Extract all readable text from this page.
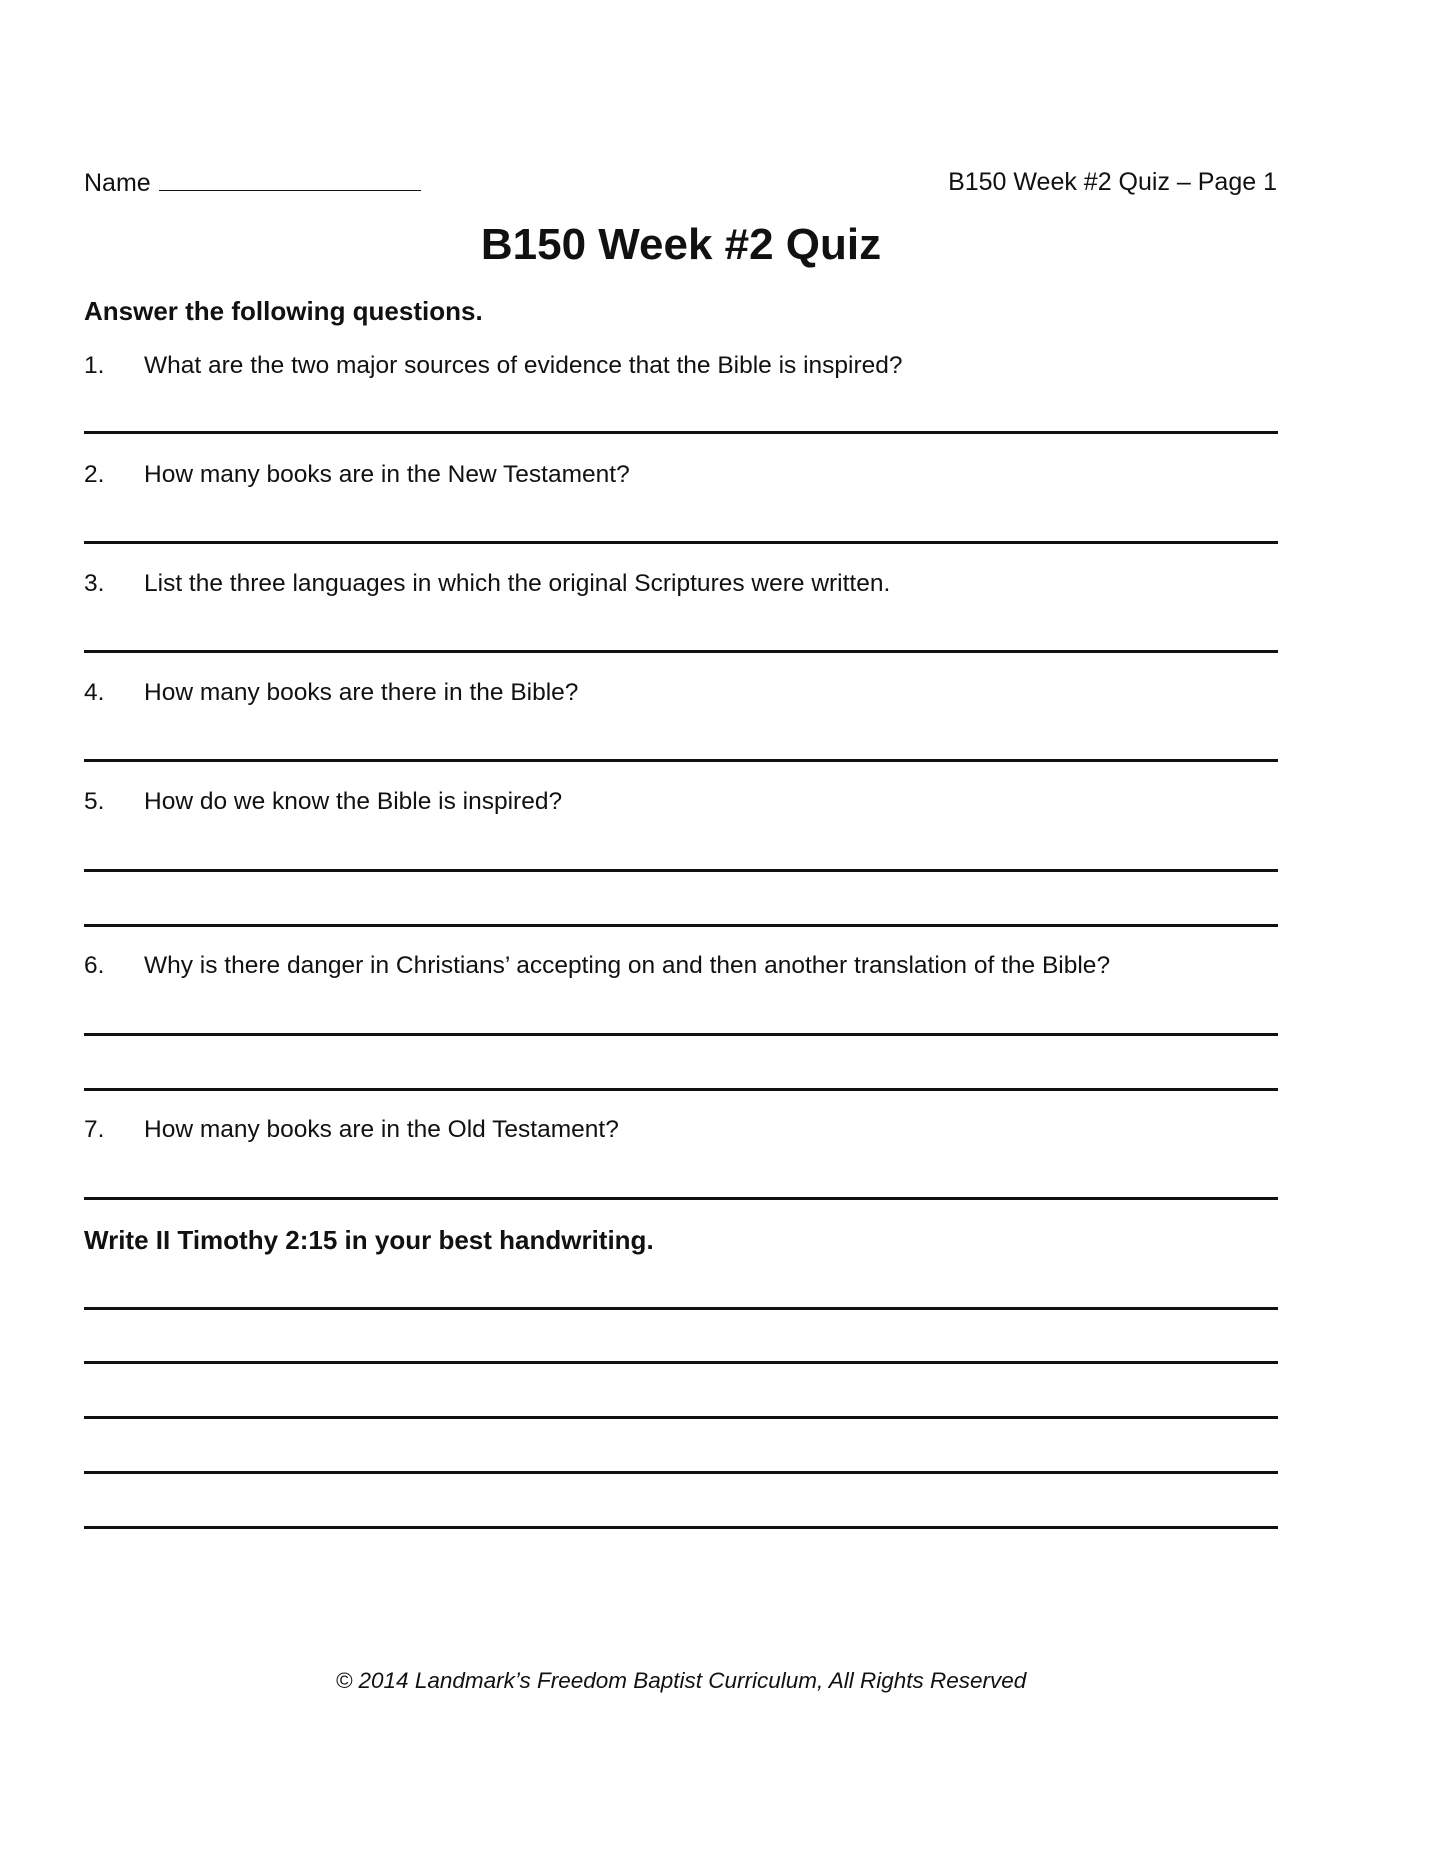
Name	B150 Week #2 Quiz – Page 1
B150 Week #2 Quiz
Answer the following questions.
1. What are the two major sources of evidence that the Bible is inspired?
2. How many books are in the New Testament?
3. List the three languages in which the original Scriptures were written.
4. How many books are there in the Bible?
5. How do we know the Bible is inspired?
6. Why is there danger in Christians’ accepting on and then another translation of the Bible?
7. How many books are in the Old Testament?
Write II Timothy 2:15 in your best handwriting.
© 2014 Landmark’s Freedom Baptist Curriculum, All Rights Reserved
